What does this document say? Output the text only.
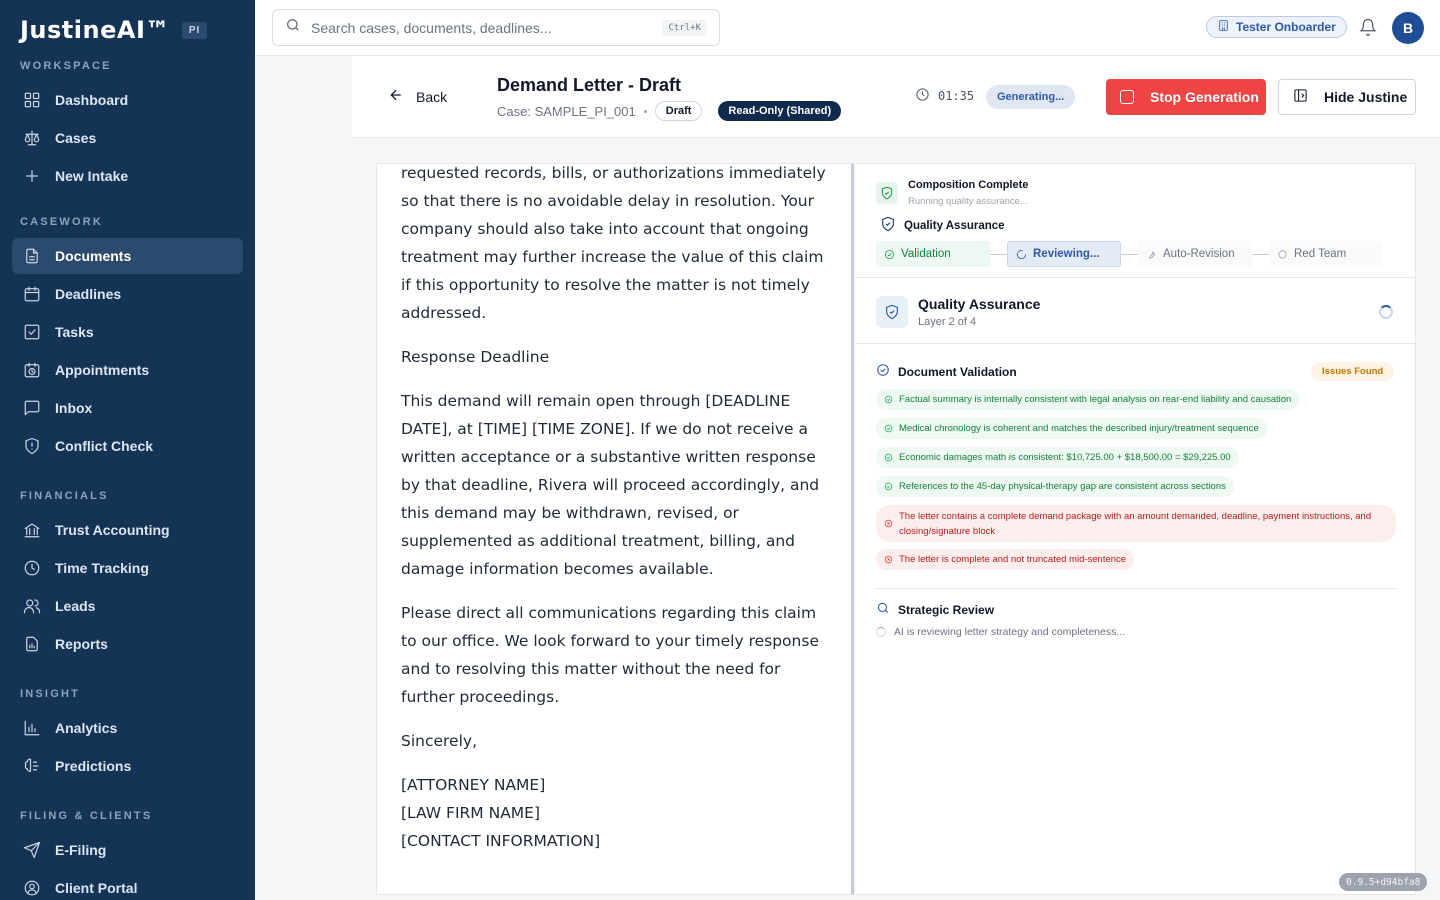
JustineAI™	PI
WORKSPACE
Dashboard
Cases
New Intake
CASEWORK
Documents
Deadlines
Tasks
Appointments
Inbox
Conflict Check
FINANCIALS
Trust Accounting
Time Tracking
Leads
Reports
INSIGHT
Analytics
Predictions
FILING & CLIENTS
E-Filing
Client Portal
Search cases, documents, deadlines...	Ctrl+K	Tester Onboarder	B
Back
Demand Letter - Draft
Case: SAMPLE_PI_001	Draft	Read-Only (Shared)
01:35	Generating...	Stop Generation	Hide Justine

requested records, bills, or authorizations immediately so that there is no avoidable delay in resolution. Your company should also take into account that ongoing treatment may further increase the value of this claim if this opportunity to resolve the matter is not timely addressed.

Response Deadline

This demand will remain open through [DEADLINE DATE], at [TIME] [TIME ZONE]. If we do not receive a written acceptance or a substantive written response by that deadline, Rivera will proceed accordingly, and this demand may be withdrawn, revised, or supplemented as additional treatment, billing, and damage information becomes available.

Please direct all communications regarding this claim to our office. We look forward to your timely response and to resolving this matter without the need for further proceedings.

Sincerely,

[ATTORNEY NAME]
[LAW FIRM NAME]
[CONTACT INFORMATION]
Composition Complete
Running quality assurance...
Quality Assurance
Validation	Reviewing...	Auto-Revision	Red Team
Quality Assurance
Layer 2 of 4
Document Validation	Issues Found
Factual summary is internally consistent with legal analysis on rear-end liability and causation
Medical chronology is coherent and matches the described injury/treatment sequence
Economic damages math is consistent: $10,725.00 + $18,500.00 = $29,225.00
References to the 45-day physical-therapy gap are consistent across sections
The letter contains a complete demand package with an amount demanded, deadline, payment instructions, and closing/signature block
The letter is complete and not truncated mid-sentence
Strategic Review
AI is reviewing letter strategy and completeness...
0.9.5+d94bfa8
